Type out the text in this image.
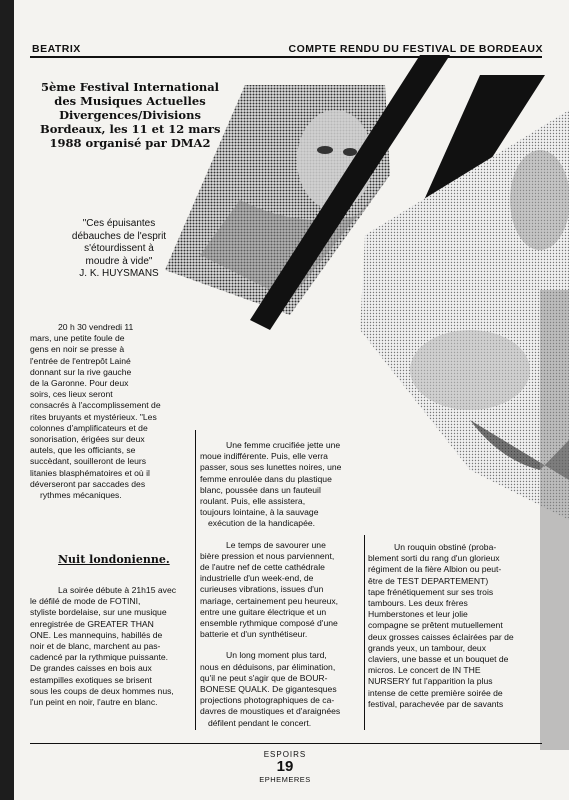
BEATRIX	COMPTE RENDU DU FESTIVAL DE BORDEAUX
5ème Festival International
des Musiques Actuelles
Divergences/Divisions
Bordeaux, les 11 et 12 mars
1988 organisé par DMA2
"Ces épuisantes
débauches de l'esprit
s'étourdissent à
moudre à vide"
J. K. HUYSMANS
20 h 30 vendredi 11
mars, une petite foule de
gens en noir se presse à
l'entrée de l'entrepôt Lainé
donnant sur la rive gauche
de la Garonne. Pour deux
soirs, ces lieux seront
consacrés à l'accomplissement de
rites bruyants et mystérieux. "Les
colonnes d'amplificateurs et de
sonorisation, érigées sur deux
autels, que les officiants, se
succèdant, souilleront de leurs
litanies blasphématoires et où il
déverseront par saccades des
rythmes mécaniques.
Nuit londonienne.
La soirée débute à 21h15 avec
le défilé de mode de FOTINI,
styliste bordelaise, sur une musique
enregistrée de GREATER THAN
ONE. Les mannequins, habillés de
noir et de blanc, marchent au pas-
cadencé par la rythmique puissante.
De grandes caisses en bois aux
estampilles exotiques se brisent
sous les coups de deux hommes nus,
l'un peint en noir, l'autre en blanc.

Une femme crucifiée jette une
moue indifférente. Puis, elle verra
passer, sous ses lunettes noires, une
femme enroulée dans du plastique
blanc, poussée dans un fauteuil
roulant. Puis, elle assistera,
toujours lointaine, à la sauvage
exécution de la handicapée.

Le temps de savourer une
bière pression et nous parviennent,
de l'autre nef de cette cathédrale
industrielle d'un week-end, de
curieuses vibrations, issues d'un
mariage, certainement peu heureux,
entre une guitare électrique et un
ensemble rythmique composé d'une
batterie et d'un synthétiseur.

Un long moment plus tard,
nous en déduisons, par élimination,
qu'il ne peut s'agir que de BOUR-
BONESE QUALK. De gigantesques
projections photographiques de ca-
davres de moustiques et d'araignées
défilent pendant le concert.

Un rouquin obstiné (proba-
blement sorti du rang d'un glorieux
régiment de la fière Albion ou peut-
être de TEST DEPARTEMENT)
tape frénétiquement sur ses trois
tambours. Les deux frères
Humberstones et leur jolie
compagne se prêtent mutuellement
deux grosses caisses éclairées par de
grands yeux, un tambour, deux
claviers, une basse et un bouquet de
micros. Le concert de IN THE
NURSERY fut l'apparition la plus
intense de cette première soirée de
festival, parachevée par de savants
ESPOIRS
19
EPHEMERES
